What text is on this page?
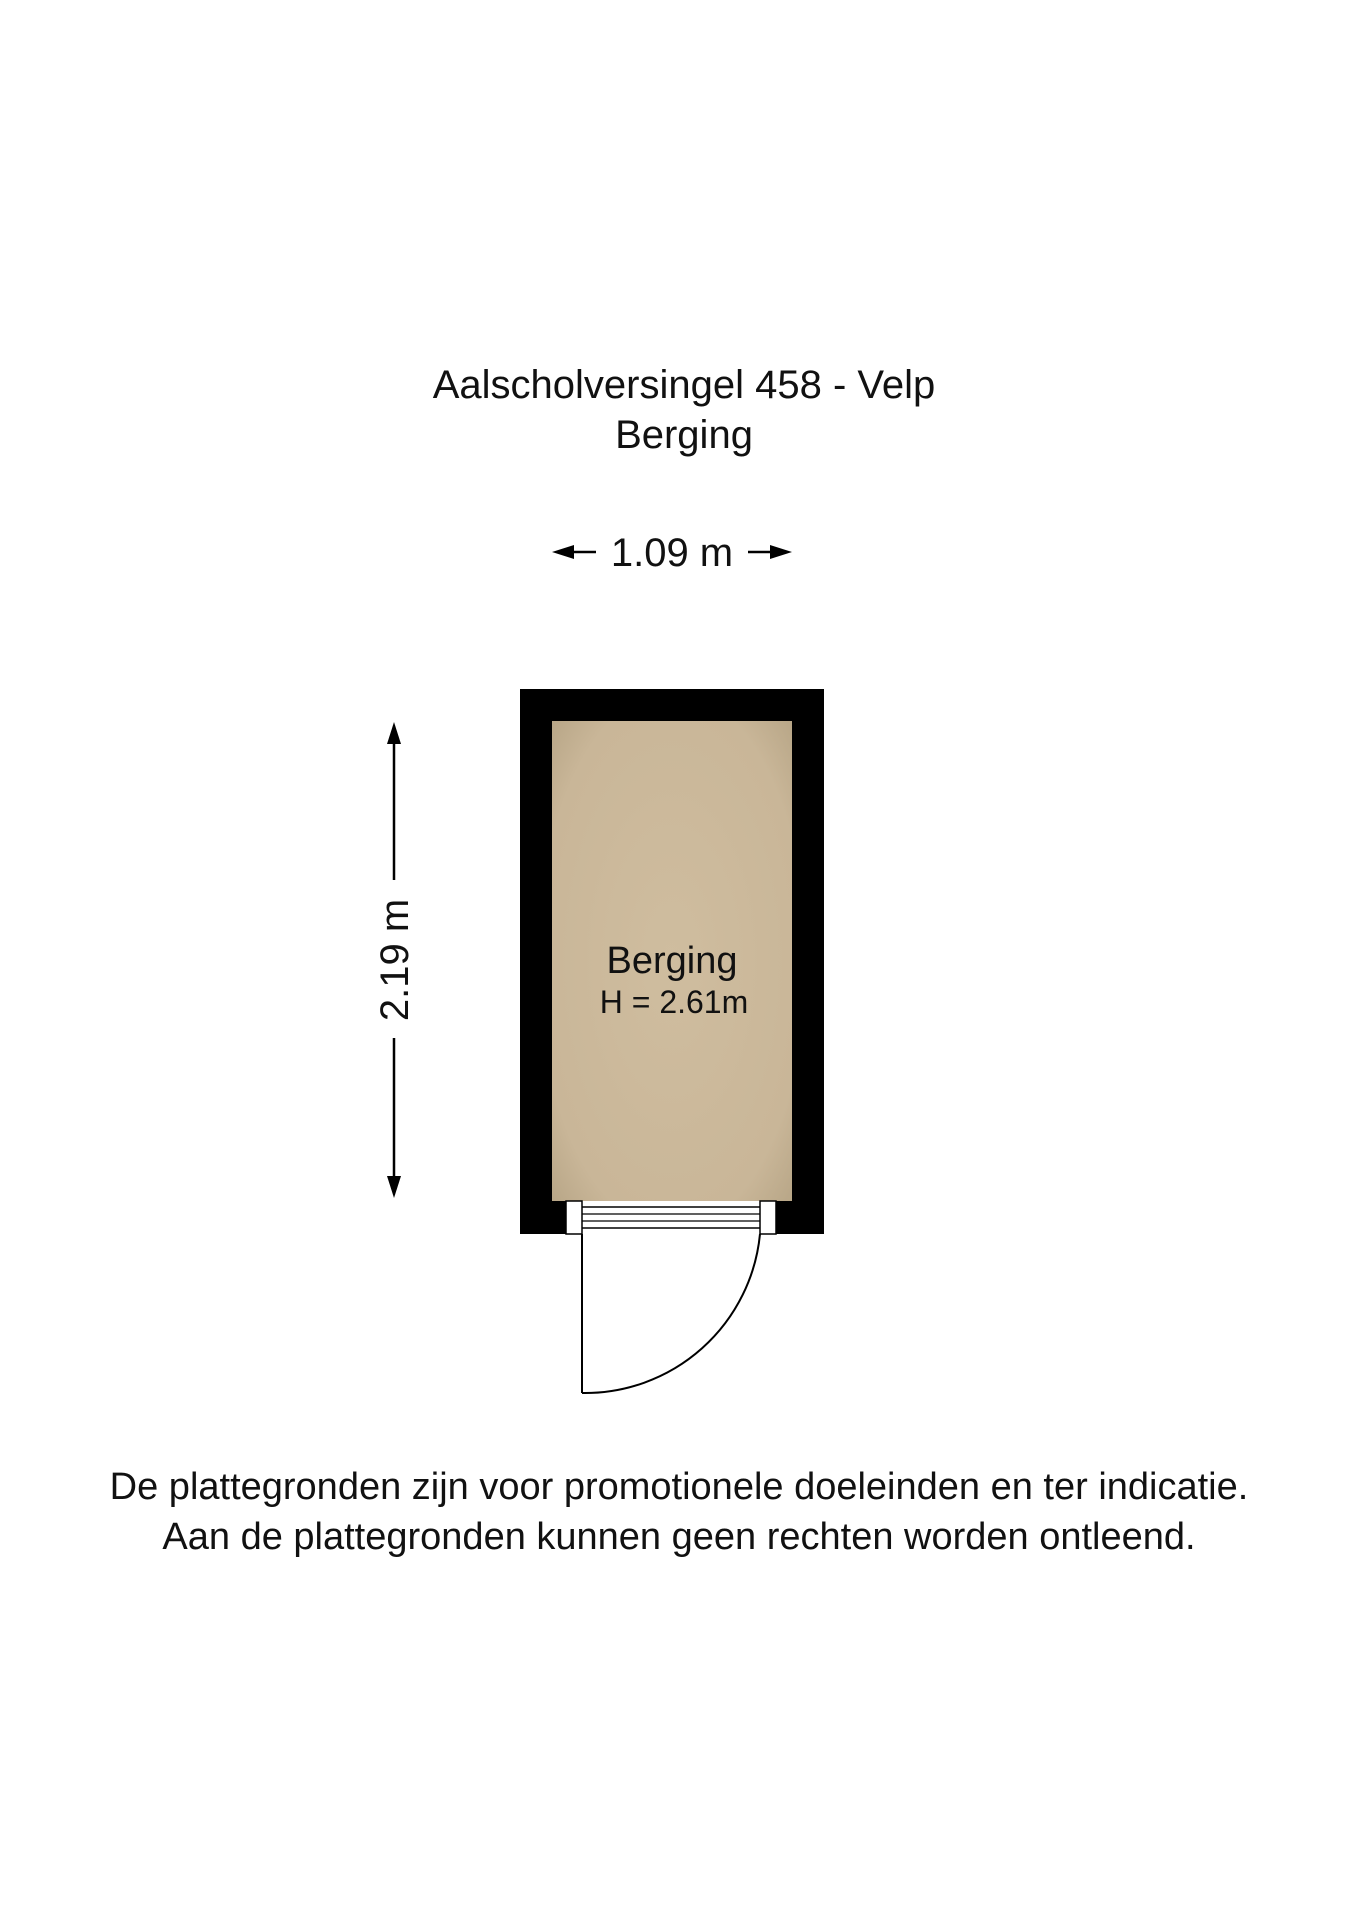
Aalscholversingel 458 - Velp
Berging
1.09 m
2.19 m	Berging
H = 2.61m
De plattegronden zijn voor promotionele doeleinden en ter indicatie.
Aan de plattegronden kunnen geen rechten worden ontleend.
